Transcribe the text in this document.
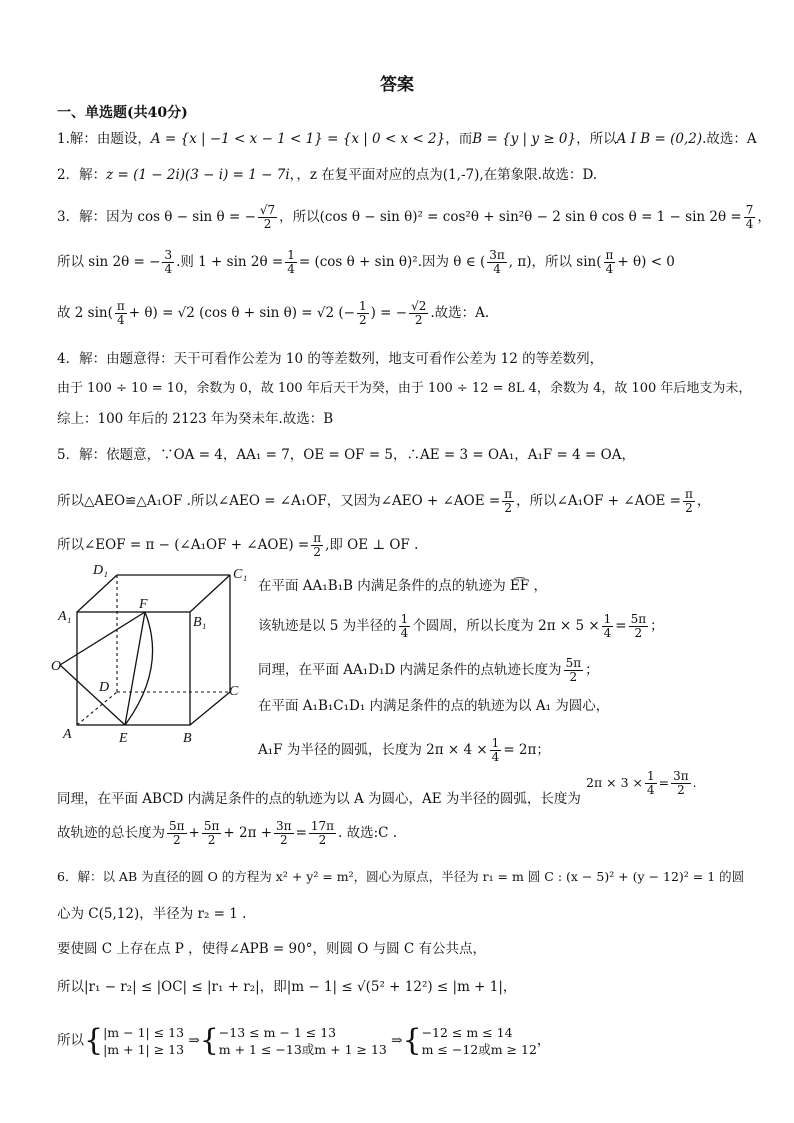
答案
一、单选题(共40分)
1.解：由题设，A = {x | −1 < x − 1 < 1} = {x | 0 < x < 2}，而B = {y | y ≥ 0}，所以A I B = (0,2).故选：A
2．解：z = (1 − 2i)(3 − i) = 1 − 7i，，z 在复平面对应的点为(1,-7),在第象限.故选：D.
3．解：因为 cos θ − sin θ = − $\frac{√7}{2}$ ，所以(cos θ − sin θ)² = cos²θ + sin²θ − 2 sin θ $\cos \theta = 1 - \sin 2\theta = \frac{7}{4}$ ，
所以 sin 2θ = − $\frac{3}{4}$ .则 $1 + \sin 2\theta = \frac{1}{4} = (\cos$ θ + sin θ)².因为 θ ∈ ( $\frac{3\pi}{4}$ , π)，所以 $\sin( \frac{\pi}{4} + \theta) < 0$
故 2 $\sin( \frac{\pi}{4} + \theta) = √2$ (cos θ + sin θ) = √2 (− $\frac{1}{2}$ ) = − $\frac{√2}{2}$ .故选：A.
4．解：由题意得：天干可看作公差为 10 的等差数列，地支可看作公差为 12 的等差数列，
由于 100 ÷ 10 = 10，余数为 0，故 100 年后天干为癸，由于 100 ÷ 12 = 8L 4，余数为 4，故 100 年后地支为未，
综上：100 年后的 2123 年为癸未年.故选：B
5．解：依题意，∵OA = 4，AA₁ = 7，OE = OF = 5，∴AE = 3 = OA₁，A₁F = 4 = OA，
所以△AEO≌△A₁OF .所以∠AEO = ∠A₁OF，又因为∠AEO + ∠AOE = $\frac{\pi}{2}$ ，所以∠A₁OF + ∠AOE = $\frac{\pi}{2}$ ，
所以∠EOF = π − (∠A₁OF + ∠AOE) = $\frac{\pi}{2}$ ,即 OE ⊥ OF .
D₁	C₁
A₁	B₁
F
O
D	C
A	E	B
在平面 AA₁B₁B 内满足条件的点的轨迹为 E͡F ，
该轨迹是以 5 为半径的 $\frac{1}{4}$ 个圆周，所以长度为 $2\pi \times 5 \times \frac{1}{4} = \frac{5\pi}{2}$ ；
同理，在平面 AA₁D₁D 内满足条件的点轨迹长度为 $\frac{5\pi}{2}$ ；
在平面 A₁B₁C₁D₁ 内满足条件的点的轨迹为以 A₁ 为圆心，
A₁F 为半径的圆弧，长度为 $2\pi \times 4 \times \frac{1}{4} = 2\pi$；
同理，在平面 ABCD 内满足条件的点的轨迹为以 A 为圆心，AE 为半径的圆弧，长度为
$2\pi \times 3 \times \frac{1}{4} = \frac{3\pi}{2}$ .
故轨迹的总长度为 $\frac{5\pi}{2} + \frac{5\pi}{2} + 2\pi + \frac{3\pi}{2} = \frac{17\pi}{2}$ . 故选:C .
6．解：以 AB 为直径的圆 O 的方程为 x² + y² = m²，圆心为原点，半径为 r₁ = m 圆 C : (x − 5)² + (y − 12)² = 1 的圆
心为 C(5,12)，半径为 r₂ = 1 .
要使圆 C 上存在点 P ，使得∠APB = 90°，则圆 O 与圆 C 有公共点，
所以|r₁ − r₂| ≤ |OC| ≤ |r₁ + r₂|，即|m − 1| ≤ √(5² + 12²) ≤ |m + 1|，
所以{|m − 1| ≤ 13
|m + 1| ≥ 13 ⇒{−13 ≤ m − 1 ≤ 13
m + 1 ≤ −13或m + 1 ≥ 13 ⇒{−12 ≤ m ≤ 14
m ≤ −12或m ≥ 12，
